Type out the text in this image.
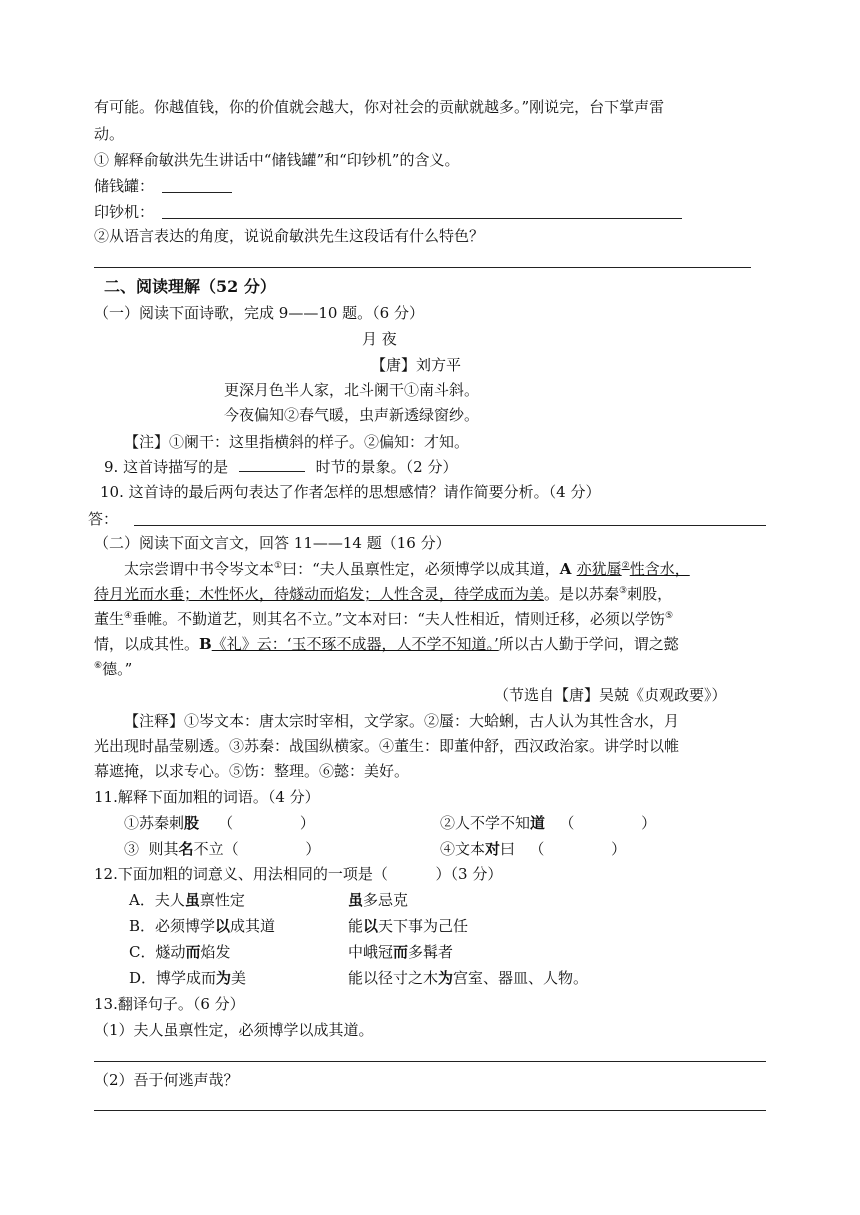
有可能。你越值钱，你的价值就会越大，你对社会的贡献就越多。”刚说完，台下掌声雷
动。
① 解释俞敏洪先生讲话中“储钱罐”和“印钞机”的含义。
储钱罐：
印钞机：
②从语言表达的角度，说说俞敏洪先生这段话有什么特色？
二、阅读理解（52 分）
（一）阅读下面诗歌，完成 9——10 题。（6 分）
月 夜
【唐】刘方平
更深月色半人家，北斗阑干①南斗斜。
今夜偏知②春气暖，虫声新透绿窗纱。
【注】①阑干：这里指横斜的样子。②偏知：才知。
9. 这首诗描写的是	时节的景象。（2 分）
10. 这首诗的最后两句表达了作者怎样的思想感情？请作简要分析。（4 分）
答：
（二）阅读下面文言文，回答 11——14 题（16 分）
太宗尝谓中书令岑文本①曰：“夫人虽禀性定，必须博学以成其道，A 亦犹蜃②性含水，
待月光而水垂；木性怀火，待燧动而焰发；人性含灵，待学成而为美。是以苏秦③刺股，
董生④垂帷。不勤道艺，则其名不立。”文本对曰：“夫人性相近，情则迁移，必须以学饬⑤
情，以成其性。B《礼》云：‘玉不琢不成器，人不学不知道。’所以古人勤于学问，谓之懿
⑥德。”
（节选自【唐】吴兢《贞观政要》）
【注释】①岑文本：唐太宗时宰相，文学家。②蜃：大蛤蜊，古人认为其性含水，月
光出现时晶莹剔透。③苏秦：战国纵横家。④董生：即董仲舒，西汉政治家。讲学时以帷
幕遮掩，以求专心。⑤饬：整理。⑥懿：美好。
11.解释下面加粗的词语。（4 分）
①苏秦刺股    （              ）	②人不学不知道   （              ）
③  则其名不立（              ）	④文本对曰   （              ）
12.下面加粗的词意义、用法相同的一项是（          ）（3 分）
A．夫人虽禀性定	虽多忌克
B．必须博学以成其道	能以天下事为己任
C．燧动而焰发	中峨冠而多髯者
D．博学成而为美	能以径寸之木为宫室、器皿、人物。
13.翻译句子。（6 分）
（1）夫人虽禀性定，必须博学以成其道。
（2）吾于何逃声哉？
